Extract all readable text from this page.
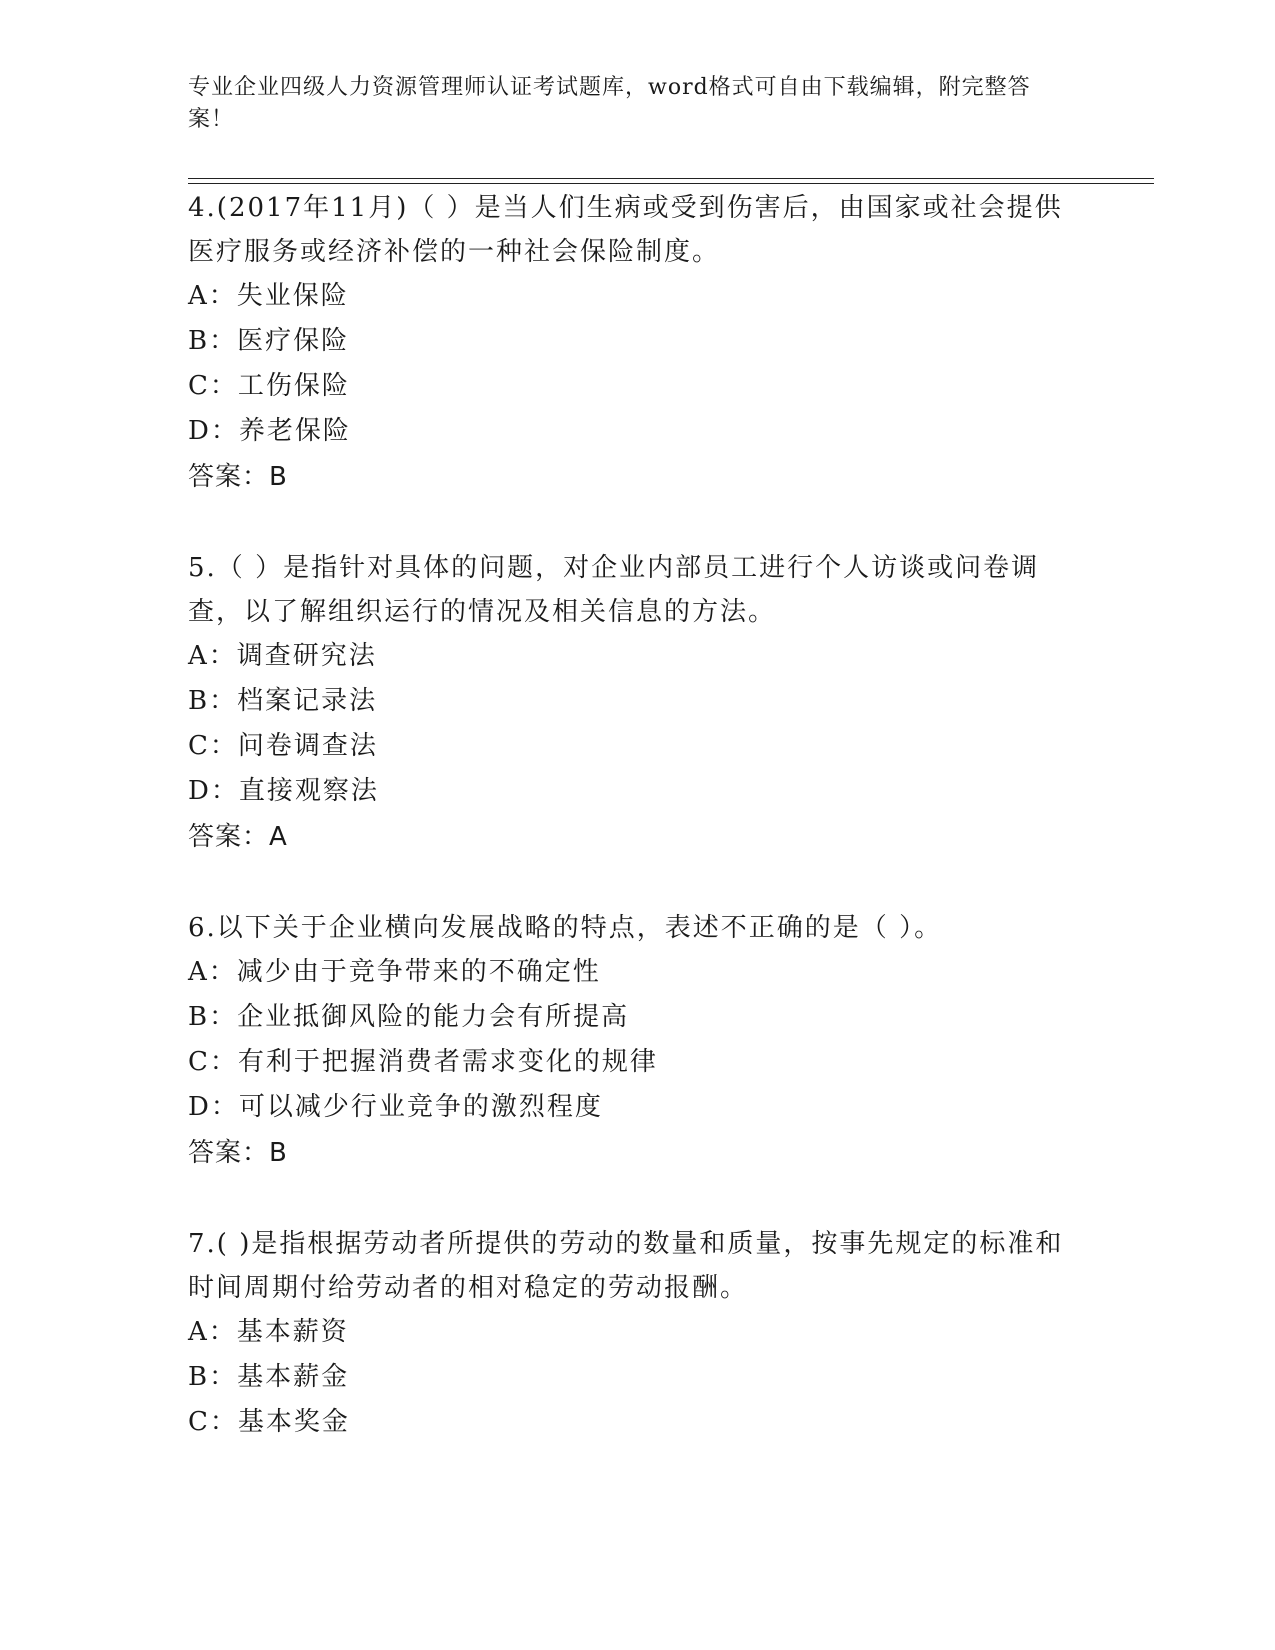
专业企业四级人力资源管理师认证考试题库，word格式可自由下载编辑，附完整答案！

4.(2017年11月)（ ）是当人们生病或受到伤害后，由国家或社会提供医疗服务或经济补偿的一种社会保险制度。

A：失业保险

B：医疗保险

C：工伤保险

D：养老保险

答案：B

5.（ ）是指针对具体的问题，对企业内部员工进行个人访谈或问卷调查，以了解组织运行的情况及相关信息的方法。

A：调查研究法

B：档案记录法

C：问卷调查法

D：直接观察法

答案：A

6.以下关于企业横向发展战略的特点，表述不正确的是（ ）。

A：减少由于竞争带来的不确定性

B：企业抵御风险的能力会有所提高

C：有利于把握消费者需求变化的规律

D：可以减少行业竞争的激烈程度

答案：B

7.( )是指根据劳动者所提供的劳动的数量和质量，按事先规定的标准和时间周期付给劳动者的相对稳定的劳动报酬。

A：基本薪资

B：基本薪金

C：基本奖金
